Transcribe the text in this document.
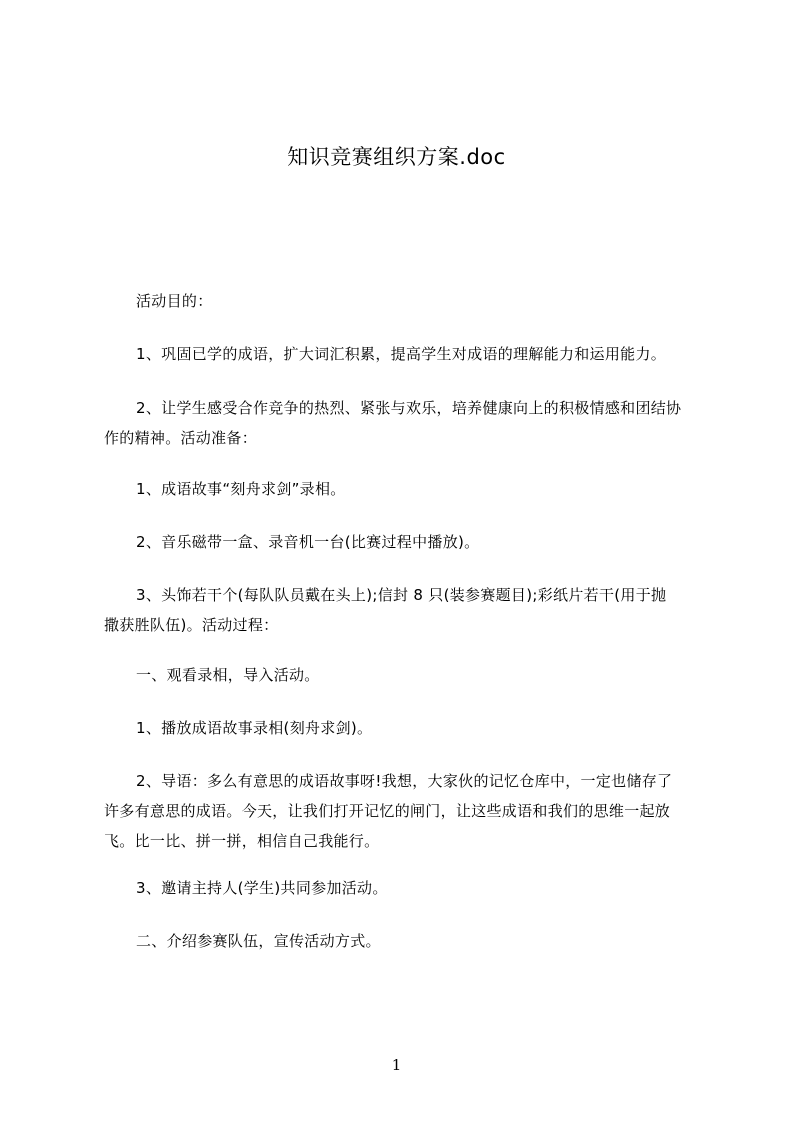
知识竞赛组织方案.doc
活动目的：
1、巩固已学的成语，扩大词汇积累，提高学生对成语的理解能力和运用能力。
2、让学生感受合作竞争的热烈、紧张与欢乐，培养健康向上的积极情感和团结协
作的精神。活动准备：
1、成语故事“刻舟求剑”录相。
2、音乐磁带一盒、录音机一台(比赛过程中播放)。
3、头饰若干个(每队队员戴在头上);信封 8 只(装参赛题目);彩纸片若干(用于抛
撒获胜队伍)。活动过程：
一、观看录相，导入活动。
1、播放成语故事录相(刻舟求剑)。
2、导语：多么有意思的成语故事呀!我想，大家伙的记忆仓库中，一定也储存了
许多有意思的成语。今天，让我们打开记忆的闸门，让这些成语和我们的思维一起放
飞。比一比、拼一拼，相信自己我能行。
3、邀请主持人(学生)共同参加活动。
二、介绍参赛队伍，宣传活动方式。
1
